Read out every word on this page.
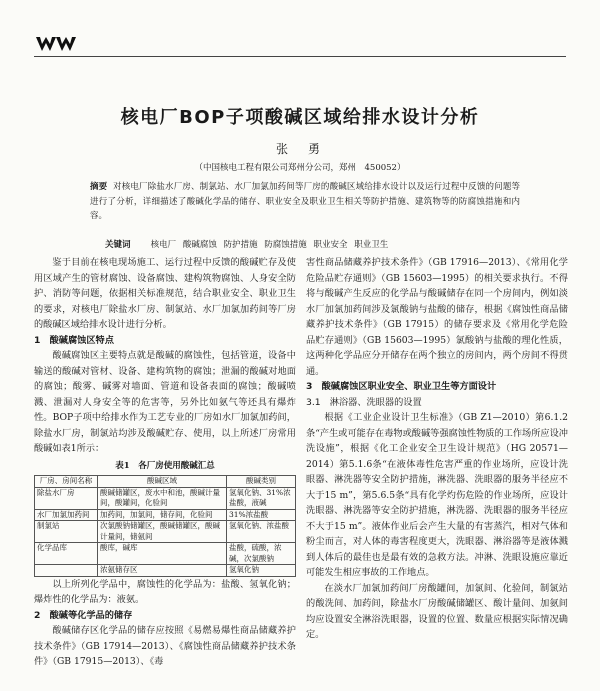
核电厂BOP子项酸碱区域给排水设计分析
张　勇
（中国核电工程有限公司郑州分公司，郑州　450052）

摘要 对核电厂除盐水厂房、制氯站、水厂加氯加药间等厂房的酸碱区域给排水设计以及运行过程中反馈的问题等进行了分析，详细描述了酸碱化学品的储存、职业安全及职业卫生相关等防护措施、建筑物等的防腐蚀措施和内容。

关键词 核电厂 酸碱腐蚀 防护措施 防腐蚀措施 职业安全 职业卫生

鉴于目前在核电现场施工、运行过程中反馈的酸碱贮存及使用区域产生的管材腐蚀、设备腐蚀、建构筑物腐蚀、人身安全防护、消防等问题，依据相关标准规范，结合职业安全、职业卫生的要求，对核电厂除盐水厂房、制氯站、水厂加氯加药间等厂房的酸碱区域给排水设计进行分析。

1　酸碱腐蚀区特点

酸碱腐蚀区主要特点就是酸碱的腐蚀性，包括管道，设备中输送的酸碱对管材、设备、建构筑物的腐蚀；泄漏的酸碱对地面的腐蚀；酸雾、碱雾对墙面、管道和设备表面的腐蚀；酸碱喷溅、泄漏对人身安全等的危害等，另外比如氨气等还具有爆炸性。BOP子项中给排水作为工艺专业的厂房如水厂加氯加药间，除盐水厂房，制氯站均涉及酸碱贮存、使用，以上所述厂房常用酸碱如表1所示：

表1　各厂房使用酸碱汇总
厂房、房间名称	酸碱区域	酸碱类别
除盐水厂房	酸碱储罐区，废水中和池，酸碱计量间，酸罐间，化验间	氢氧化钠、31%浓盐酸，液碱
水厂加氯加药间	加药间，加氯间，储存间，化验间	31%浓盐酸
制氯站	次氯酸钠储罐区，酸碱储罐区，酸碱计量间，储氨间	氢氧化钠、浓盐酸
化学品库	酸库，碱库	盐酸，硫酸，浓碱，次氯酸钠
	浓氨储存区	氢氧化钠

以上所列化学品中，腐蚀性的化学品为：盐酸、氢氧化钠；爆炸性的化学品为：液氨。

2　酸碱等化学品的储存

酸碱储存区化学品的储存应按照《易燃易爆性商品储藏养护技术条件》（GB 17914—2013）、《腐蚀性商品储藏养护技术条件》（GB 17915—2013）、《毒

害性商品储藏养护技术条件》（GB 17916—2013）、《常用化学危险品贮存通则》（GB 15603—1995）的相关要求执行。不得将与酸碱产生反应的化学品与酸碱储存在同一个房间内，例如淡水厂加氯加药间涉及氯酸钠与盐酸的储存，根据《腐蚀性商品储藏养护技术条件》（GB 17915）的储存要求及《常用化学危险品贮存通则》（GB 15603—1995）氯酸钠与盐酸的理化性质，这两种化学品应分开储存在两个独立的房间内，两个房间不得贯通。

3　酸碱腐蚀区职业安全、职业卫生等方面设计

3.1　淋浴器、洗眼器的设置

根据《工业企业设计卫生标准》（GB Z1—2010）第6.1.2条“产生或可能存在毒物或酸碱等强腐蚀性物质的工作场所应设冲洗设施”，根据《化工企业安全卫生设计规范》（HG 20571—2014）第5.1.6条“在液体毒性危害严重的作业场所，应设计洗眼器、淋洗器等安全防护措施，淋洗器、洗眼器的服务半径应不大于15 m”，第5.6.5条“具有化学灼伤危险的作业场所，应设计洗眼器、淋洗器等安全防护措施，淋洗器、洗眼器的服务半径应不大于15 m”。液体作业后会产生大量的有害蒸汽，相对气体和粉尘而言，对人体的毒害程度更大，洗眼器、淋浴器等是液体溅到人体后的最佳也是最有效的急救方法。冲淋、洗眼设施应靠近可能发生相应事故的工作地点。

在淡水厂加氯加药间厂房酸罐间，加氯间、化验间，制氯站的酸洗间、加药间，除盐水厂房酸碱储罐区、酸计量间、加氨间均应设置安全淋浴洗眼器，设置的位置、数量应根据实际情况确定。
